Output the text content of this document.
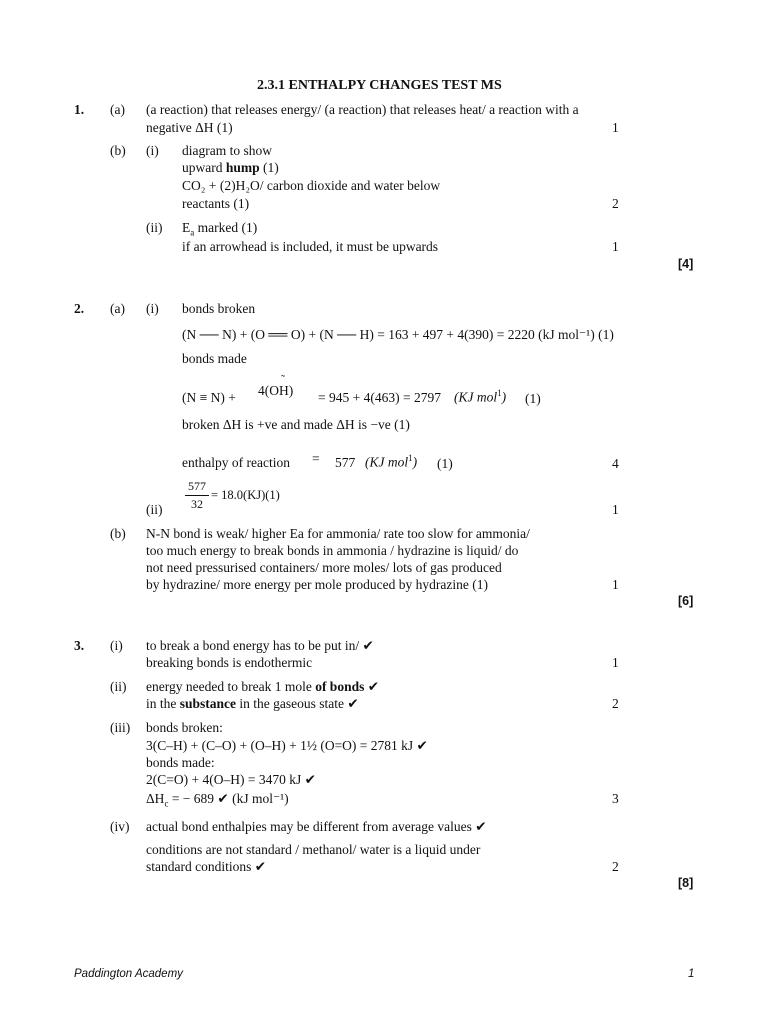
2.3.1 ENTHALPY CHANGES TEST MS
1. (a) (a reaction) that releases energy/ (a reaction) that releases heat/ a reaction with a
negative ΔH (1)	1
(b) (i) diagram to show
upward hump (1)
CO₂ + (2)H₂O/ carbon dioxide and water below
reactants (1)	2
(ii) $E_a$ marked (1)
if an arrowhead is included, it must be upwards	1
[4]
2. (a) (i) bonds broken
(N ── N) + (O ══ O) + (N ── H) = 163 + 497 + 4(390) = 2220 (kJ mol⁻¹) (1)
bonds made
(N ≡ N) + 4(OH)
˜
= 945 + 4(463) = 2797 (KJ mol$^1$) (1)
broken ΔH is +ve and made ΔH is −ve (1)
enthalpy of reaction = 577 (KJ mol$^1$) (1)	4
577
32
= 18.0(KJ)(1)
(ii)	1
(b) N-N bond is weak/ higher Ea for ammonia/ rate too slow for ammonia/
too much energy to break bonds in ammonia / hydrazine is liquid/ do
not need pressurised containers/ more moles/ lots of gas produced
by hydrazine/ more energy per mole produced by hydrazine (1)	1
[6]
3. (i) to break a bond energy has to be put in/ ✔
breaking bonds is endothermic	1
(ii) energy needed to break 1 mole of bonds ✔
in the substance in the gaseous state ✔	2
(iii) bonds broken:
3(C–H) + (C–O) + (O–H) + 1½ (O=O) = 2781 kJ ✔
bonds made:
2(C=O) + 4(O–H) = 3470 kJ ✔
$\Delta H_c$ = − 689 ✔ (kJ mol⁻¹)	3
(iv) actual bond enthalpies may be different from average values ✔
conditions are not standard / methanol/ water is a liquid under
standard conditions ✔	2
[8]
Paddington Academy	1
